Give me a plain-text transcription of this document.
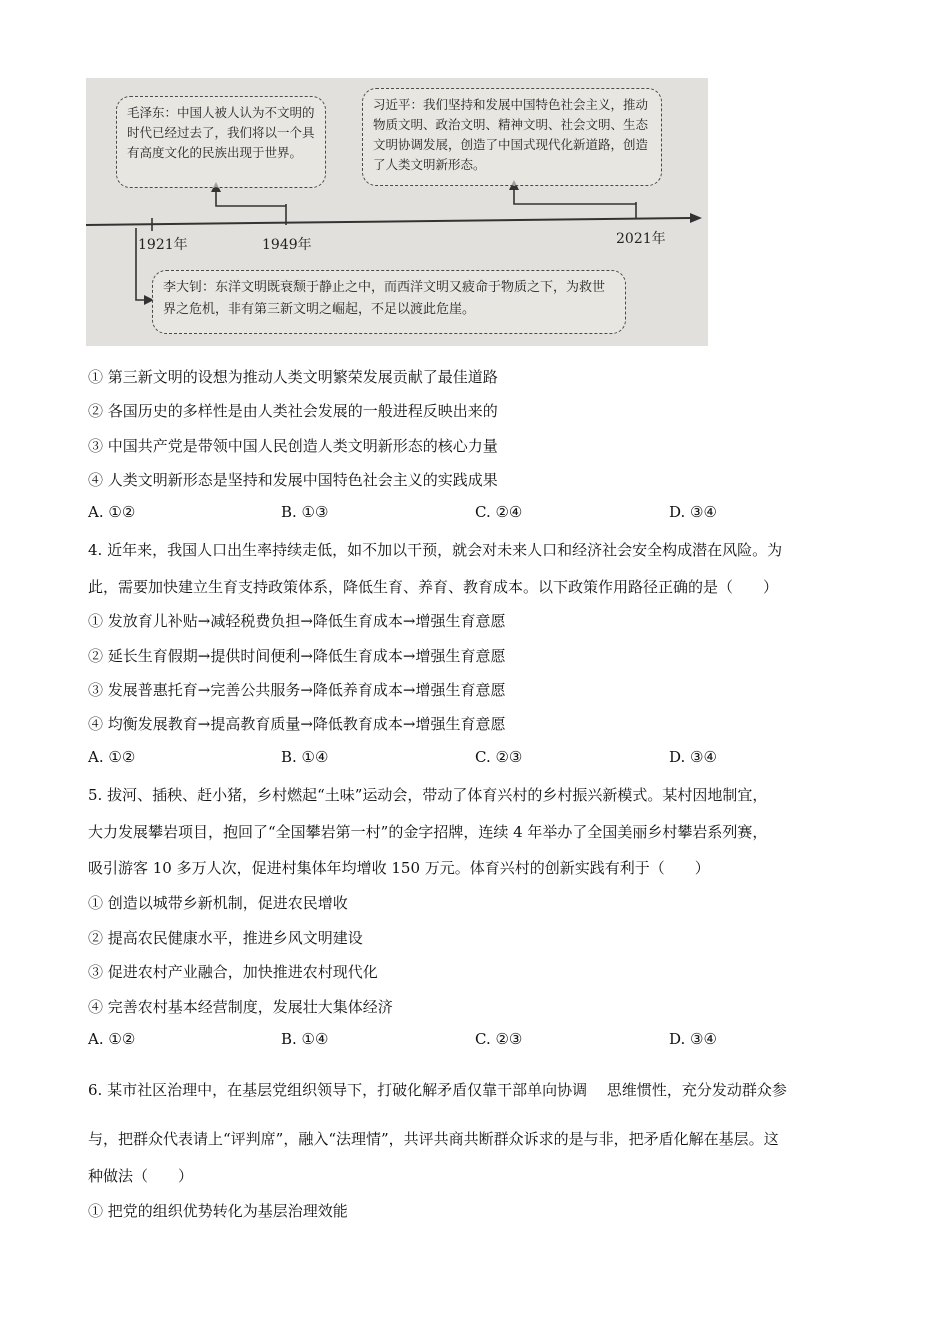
毛泽东：中国人被人认为不文明的时代已经过去了，我们将以一个具有高度文化的民族出现于世界。
习近平：我们坚持和发展中国特色社会主义，推动物质文明、政治文明、精神文明、社会文明、生态文明协调发展，创造了中国式现代化新道路，创造了人类文明新形态。
李大钊：东洋文明既衰颓于静止之中，而西洋文明又疲命于物质之下，为救世界之危机，非有第三新文明之崛起，不足以渡此危崖。
1921年	1949年	2021年
① 第三新文明的设想为推动人类文明繁荣发展贡献了最佳道路
② 各国历史的多样性是由人类社会发展的一般进程反映出来的
③ 中国共产党是带领中国人民创造人类文明新形态的核心力量
④ 人类文明新形态是坚持和发展中国特色社会主义的实践成果
A. ①②	B. ①③	C. ②④	D. ③④
4. 近年来，我国人口出生率持续走低，如不加以干预，就会对未来人口和经济社会安全构成潜在风险。为
此，需要加快建立生育支持政策体系，降低生育、养育、教育成本。以下政策作用路径正确的是（　　）
① 发放育儿补贴→减轻税费负担→降低生育成本→增强生育意愿
② 延长生育假期→提供时间便利→降低生育成本→增强生育意愿
③ 发展普惠托育→完善公共服务→降低养育成本→增强生育意愿
④ 均衡发展教育→提高教育质量→降低教育成本→增强生育意愿
A. ①②	B. ①④	C. ②③	D. ③④
5. 拔河、插秧、赶小猪，乡村燃起“土味”运动会，带动了体育兴村的乡村振兴新模式。某村因地制宜，
大力发展攀岩项目，抱回了“全国攀岩第一村”的金字招牌，连续 4 年举办了全国美丽乡村攀岩系列赛，
吸引游客 10 多万人次，促进村集体年均增收 150 万元。体育兴村的创新实践有利于（　　）
① 创造以城带乡新机制，促进农民增收
② 提高农民健康水平，推进乡风文明建设
③ 促进农村产业融合，加快推进农村现代化
④ 完善农村基本经营制度，发展壮大集体经济
A. ①②	B. ①④	C. ②③	D. ③④
6. 某市社区治理中，在基层党组织领导下，打破化解矛盾仅靠干部单向协调　 思维惯性，充分发动群众参
与，把群众代表请上“评判席”，融入“法理情”，共评共商共断群众诉求的是与非，把矛盾化解在基层。这
种做法（　　）
① 把党的组织优势转化为基层治理效能
